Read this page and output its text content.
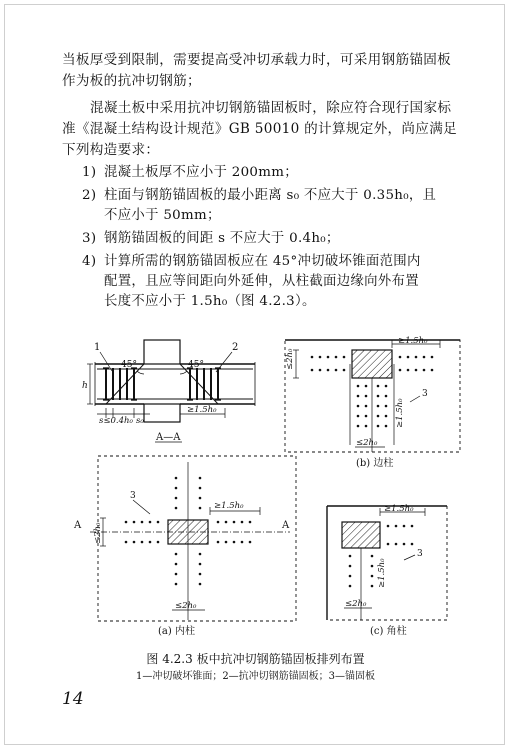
当板厚受到限制，需要提高受冲切承载力时，可采用钢筋锚固板

作为板的抗冲切钢筋；

混凝土板中采用抗冲切钢筋锚固板时，除应符合现行国家标

准《混凝土结构设计规范》GB 50010 的计算规定外，尚应满足

下列构造要求：

1) 混凝土板厚不应小于 200mm；
2) 柱面与钢筋锚固板的最小距离 s₀ 不应大于 0.35h₀，且
不应小于 50mm；
3) 钢筋锚固板的间距 s 不应大于 0.4h₀；
4) 计算所需的钢筋锚固板应在 45°冲切破坏锥面范围内
配置，且应等间距向外延伸，从柱截面边缘向外布置
长度不应小于 1.5h₀（图 4.2.3）。
1	2
45°	45°
h
s≤0.4h₀ s₀
≥1.5h₀
A—A
≥1.5h₀
≤2h₀
≥1.5h₀
≤2h₀
3
(b) 边柱
3
≥1.5h₀
≤2h₀
A	A
≤2h₀
(a) 内柱
≥1.5h₀
≥1.5h₀
3
≤2h₀
(c) 角柱

图 4.2.3 板中抗冲切钢筋锚固板排列布置

1—冲切破坏锥面；2—抗冲切钢筋锚固板；3—锚固板

14
